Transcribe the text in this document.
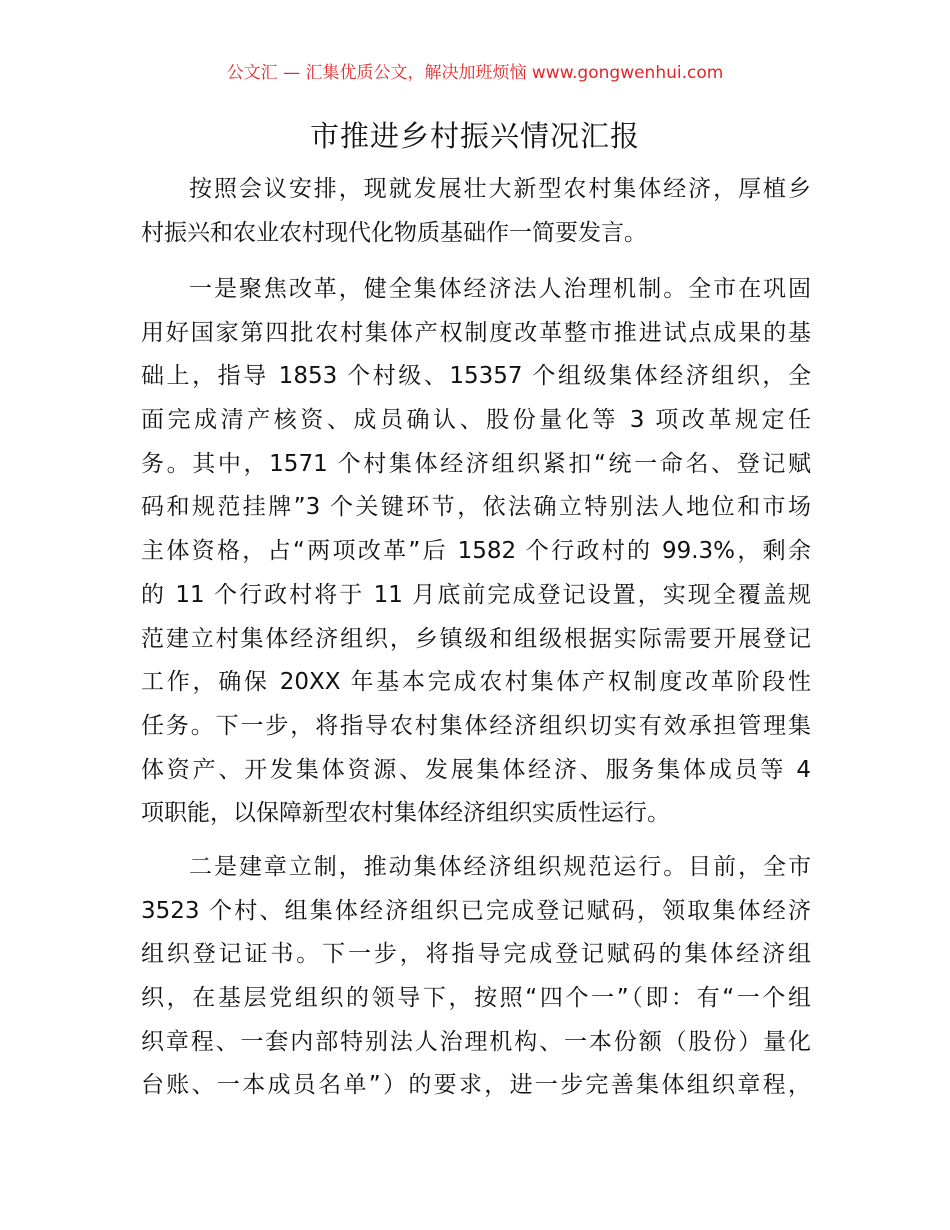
公文汇 — 汇集优质公文，解决加班烦恼 www.gongwenhui.com
市推进乡村振兴情况汇报
按照会议安排，现就发展壮大新型农村集体经济，厚植乡
村振兴和农业农村现代化物质基础作一简要发言。
一是聚焦改革，健全集体经济法人治理机制。全市在巩固
用好国家第四批农村集体产权制度改革整市推进试点成果的基
础上，指导 1853 个村级、15357 个组级集体经济组织，全
面完成清产核资、成员确认、股份量化等 3 项改革规定任
务。其中，1571 个村集体经济组织紧扣“统一命名、登记赋
码和规范挂牌”3 个关键环节，依法确立特别法人地位和市场
主体资格，占“两项改革”后 1582 个行政村的 99.3%，剩余
的 11 个行政村将于 11 月底前完成登记设置，实现全覆盖规
范建立村集体经济组织，乡镇级和组级根据实际需要开展登记
工作，确保 20XX 年基本完成农村集体产权制度改革阶段性
任务。下一步，将指导农村集体经济组织切实有效承担管理集
体资产、开发集体资源、发展集体经济、服务集体成员等 4
项职能，以保障新型农村集体经济组织实质性运行。
二是建章立制，推动集体经济组织规范运行。目前，全市
3523 个村、组集体经济组织已完成登记赋码，领取集体经济
组织登记证书。下一步，将指导完成登记赋码的集体经济组
织，在基层党组织的领导下，按照“四个一”（即：有“一个组
织章程、一套内部特别法人治理机构、一本份额（股份）量化
台账、一本成员名单”）的要求，进一步完善集体组织章程，
